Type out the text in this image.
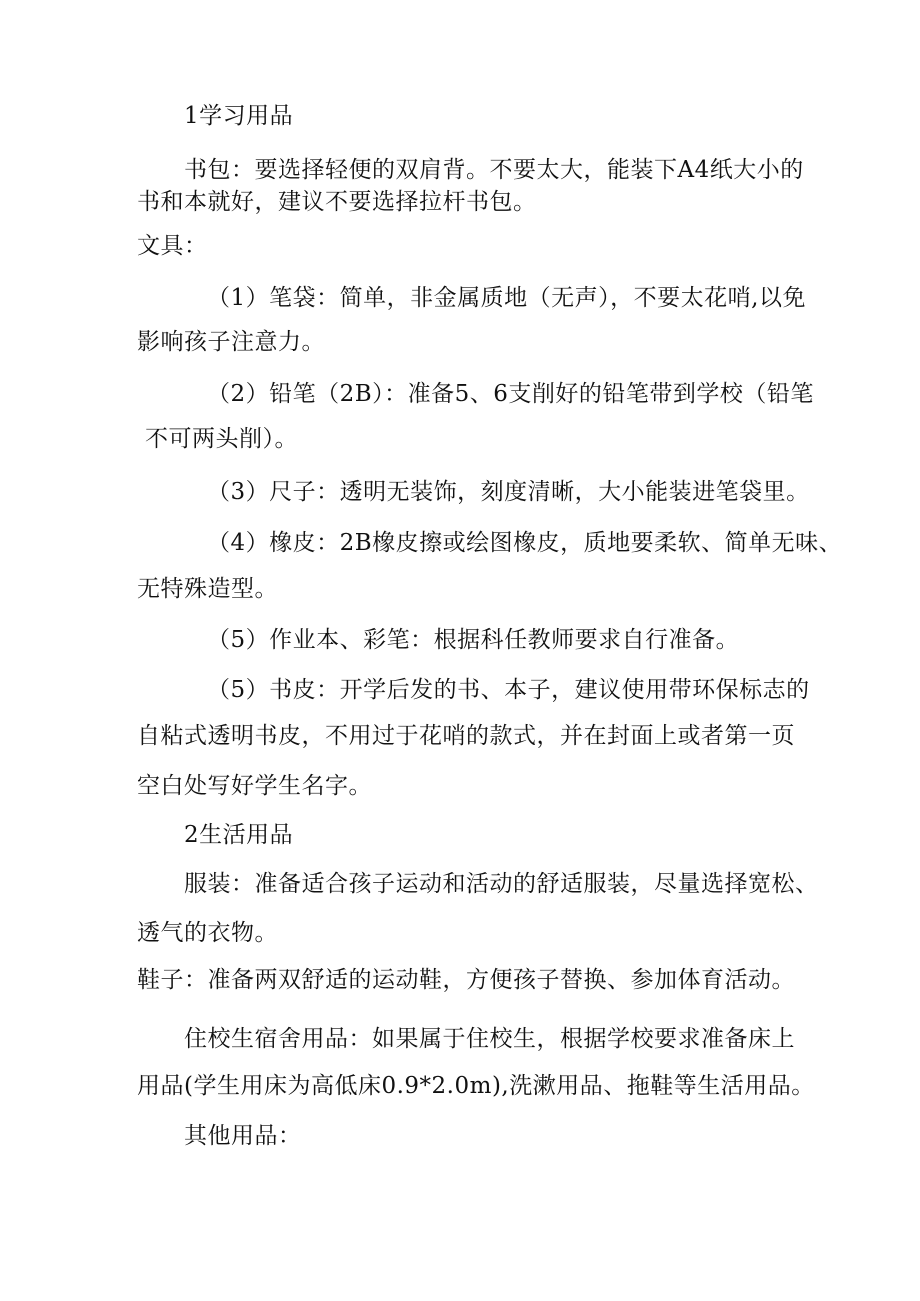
1学习用品
书包：要选择轻便的双肩背。不要太大，能装下A4纸大小的
书和本就好，建议不要选择拉杆书包。
文具：
（1）笔袋：简单，非金属质地（无声），不要太花哨,以免
影响孩子注意力。
（2）铅笔（2B）：准备5、6支削好的铅笔带到学校（铅笔
不可两头削）。
（3）尺子：透明无装饰，刻度清晰，大小能装进笔袋里。
（4）橡皮：2B橡皮擦或绘图橡皮，质地要柔软、简单无味、
无特殊造型。
（5）作业本、彩笔：根据科任教师要求自行准备。
（5）书皮：开学后发的书、本子，建议使用带环保标志的
自粘式透明书皮，不用过于花哨的款式，并在封面上或者第一页
空白处写好学生名字。
2生活用品
服装：准备适合孩子运动和活动的舒适服装，尽量选择宽松、
透气的衣物。
鞋子：准备两双舒适的运动鞋，方便孩子替换、参加体育活动。
住校生宿舍用品：如果属于住校生，根据学校要求准备床上
用品(学生用床为高低床0.9*2.0m),洗漱用品、拖鞋等生活用品。
其他用品：
